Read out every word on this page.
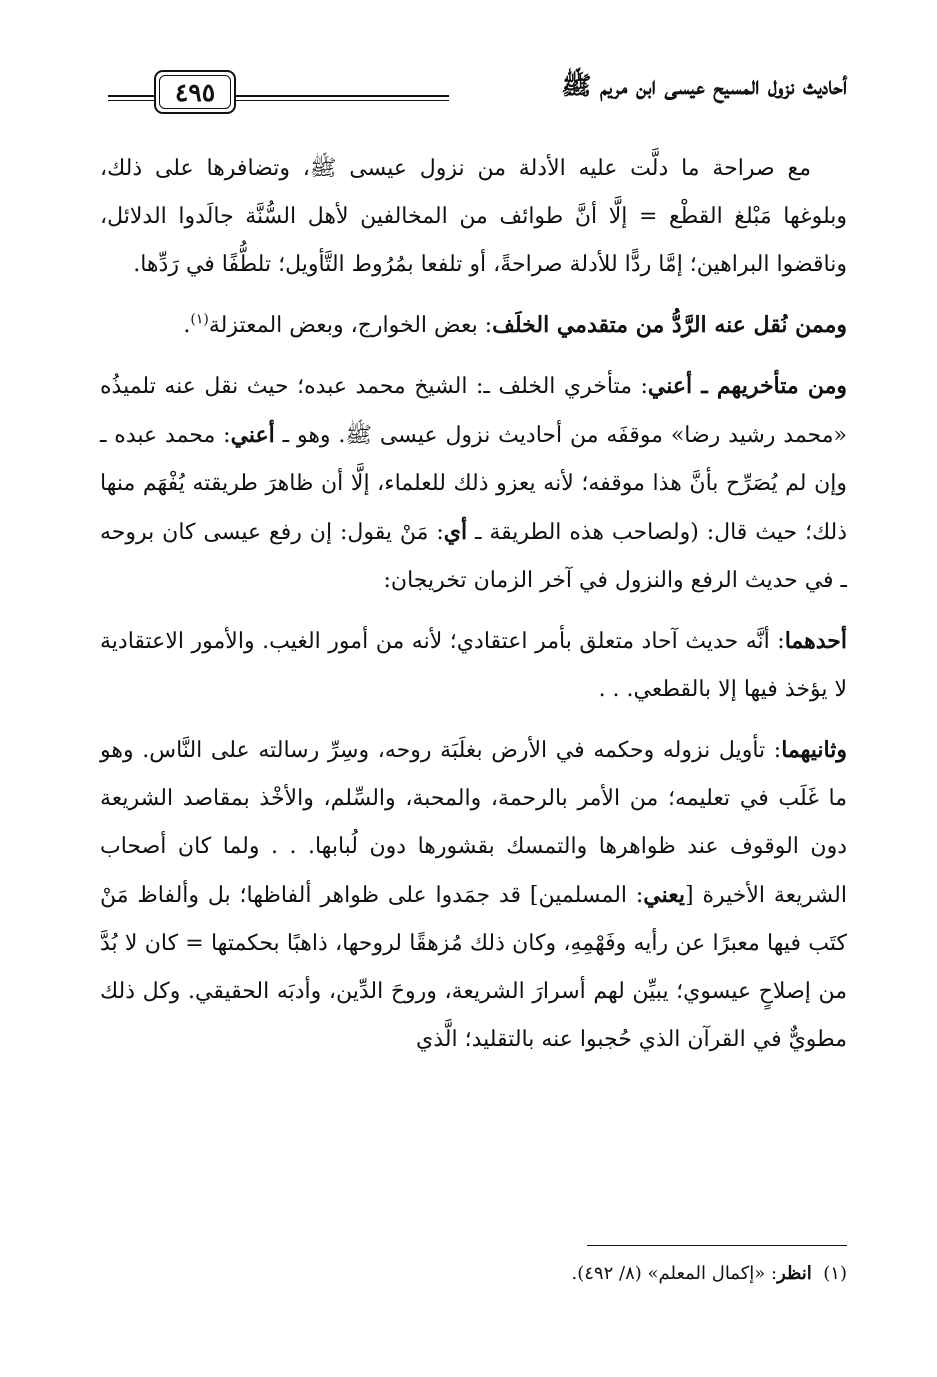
أحاديث نزول المسيح عيسى ابن مريم ﷺ
٤٩٥

مع صراحة ما دلَّت عليه الأدلة من نزول عيسى ﷺ، وتضافرها على ذلك، وبلوغها مَبْلغ القطْع = إلَّا أنَّ طوائف من المخالفين لأهل السُّنَّة جالَدوا الدلائل، وناقضوا البراهين؛ إمَّا ردًّا للأدلة صراحةً، أو تلفعا بمُرُوط التَّأويل؛ تلطُّفًا في رَدِّها.

وممن نُقل عنه الرَّدُّ من متقدمي الخلَف: بعض الخوارج، وبعض المعتزلة$^{(١)}$.

ومن متأخريهم ـ أعني: متأخري الخلف ـ: الشيخ محمد عبده؛ حيث نقل عنه تلميذُه «محمد رشيد رضا» موقفَه من أحاديث نزول عيسى ﷺ. وهو ـ أعني: محمد عبده ـ وإن لم يُصَرِّح بأنَّ هذا موقفه؛ لأنه يعزو ذلك للعلماء، إلَّا أن ظاهرَ طريقته يُفْهَم منها ذلك؛ حيث قال: (ولصاحب هذه الطريقة ـ أي: مَنْ يقول: إن رفع عيسى كان بروحه ـ في حديث الرفع والنزول في آخر الزمان تخريجان:

أحدهما: أنَّه حديث آحاد متعلق بأمر اعتقادي؛ لأنه من أمور الغيب. والأمور الاعتقادية لا يؤخذ فيها إلا بالقطعي. . .

وثانيهما: تأويل نزوله وحكمه في الأرض بغلَبَة روحه، وسِرِّ رسالته على النَّاس. وهو ما غَلَب في تعليمه؛ من الأمر بالرحمة، والمحبة، والسِّلم، والأخْذ بمقاصد الشريعة دون الوقوف عند ظواهرها والتمسك بقشورها دون لُبابها. . . ولما كان أصحاب الشريعة الأخيرة [يعني: المسلمين] قد جمَدوا على ظواهر ألفاظها؛ بل وألفاظ مَنْ كتَب فيها معبرًا عن رأيه وفَهْمِهِ، وكان ذلك مُزهقًا لروحها، ذاهبًا بحكمتها = كان لا بُدَّ من إصلاحٍ عيسوي؛ يبيِّن لهم أسرارَ الشريعة، وروحَ الدِّين، وأدبَه الحقيقي. وكل ذلك مطويٌّ في القرآن الذي حُجبوا عنه بالتقليد؛ الَّذي

(١)  انظر: «إكمال المعلم» (٨/ ٤٩٢).
